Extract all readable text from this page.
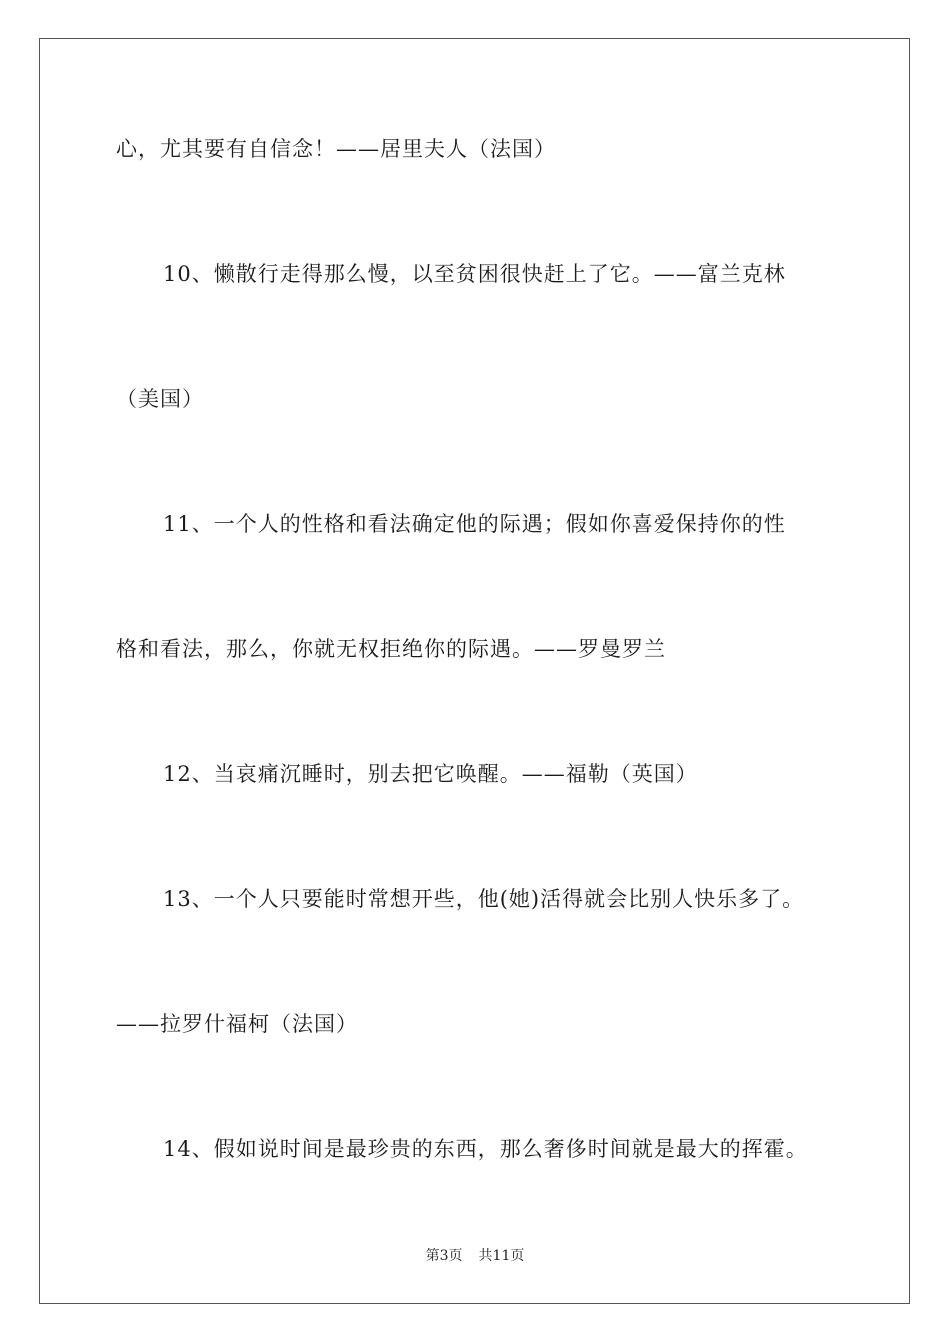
心，尤其要有自信念！——居里夫人（法国）
10、懒散行走得那么慢，以至贫困很快赶上了它。——富兰克林
（美国）
11、一个人的性格和看法确定他的际遇；假如你喜爱保持你的性
格和看法，那么，你就无权拒绝你的际遇。——罗曼罗兰
12、当哀痛沉睡时，别去把它唤醒。——福勒（英国）
13、一个人只要能时常想开些，他(她)活得就会比别人快乐多了。
——拉罗什福柯（法国）
14、假如说时间是最珍贵的东西，那么奢侈时间就是最大的挥霍。
第3页 共11页
